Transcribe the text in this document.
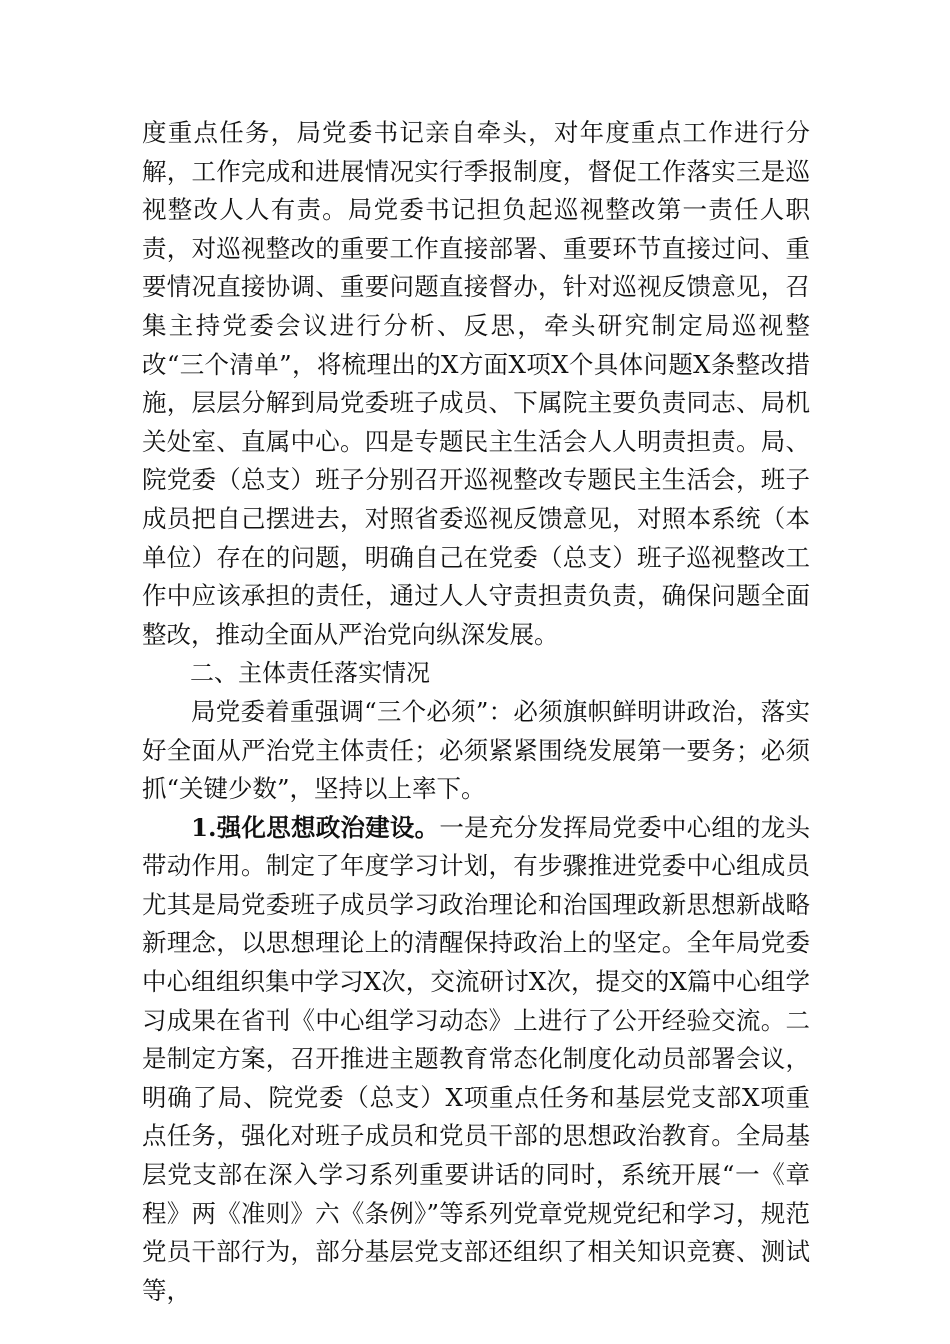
度重点任务，局党委书记亲自牵头，对年度重点工作进行分解，工作完成和进展情况实行季报制度，督促工作落实三是巡视整改人人有责。局党委书记担负起巡视整改第一责任人职责，对巡视整改的重要工作直接部署、重要环节直接过问、重要情况直接协调、重要问题直接督办，针对巡视反馈意见，召集主持党委会议进行分析、反思，牵头研究制定局巡视整改“三个清单”，将梳理出的X方面X项X个具体问题X条整改措施，层层分解到局党委班子成员、下属院主要负责同志、局机关处室、直属中心。四是专题民主生活会人人明责担责。局、院党委（总支）班子分别召开巡视整改专题民主生活会，班子成员把自己摆进去，对照省委巡视反馈意见，对照本系统（本单位）存在的问题，明确自己在党委（总支）班子巡视整改工作中应该承担的责任，通过人人守责担责负责，确保问题全面整改，推动全面从严治党向纵深发展。

二、主体责任落实情况

局党委着重强调“三个必须”：必须旗帜鲜明讲政治，落实好全面从严治党主体责任；必须紧紧围绕发展第一要务；必须抓“关键少数”，坚持以上率下。

1.强化思想政治建设。一是充分发挥局党委中心组的龙头带动作用。制定了年度学习计划，有步骤推进党委中心组成员尤其是局党委班子成员学习政治理论和治国理政新思想新战略新理念，以思想理论上的清醒保持政治上的坚定。全年局党委中心组组织集中学习X次，交流研讨X次，提交的X篇中心组学习成果在省刊《中心组学习动态》上进行了公开经验交流。二是制定方案，召开推进主题教育常态化制度化动员部署会议，明确了局、院党委（总支）X项重点任务和基层党支部X项重点任务，强化对班子成员和党员干部的思想政治教育。全局基层党支部在深入学习系列重要讲话的同时，系统开展“一《章程》两《准则》六《条例》”等系列党章党规党纪和学习，规范党员干部行为，部分基层党支部还组织了相关知识竞赛、测试等，
